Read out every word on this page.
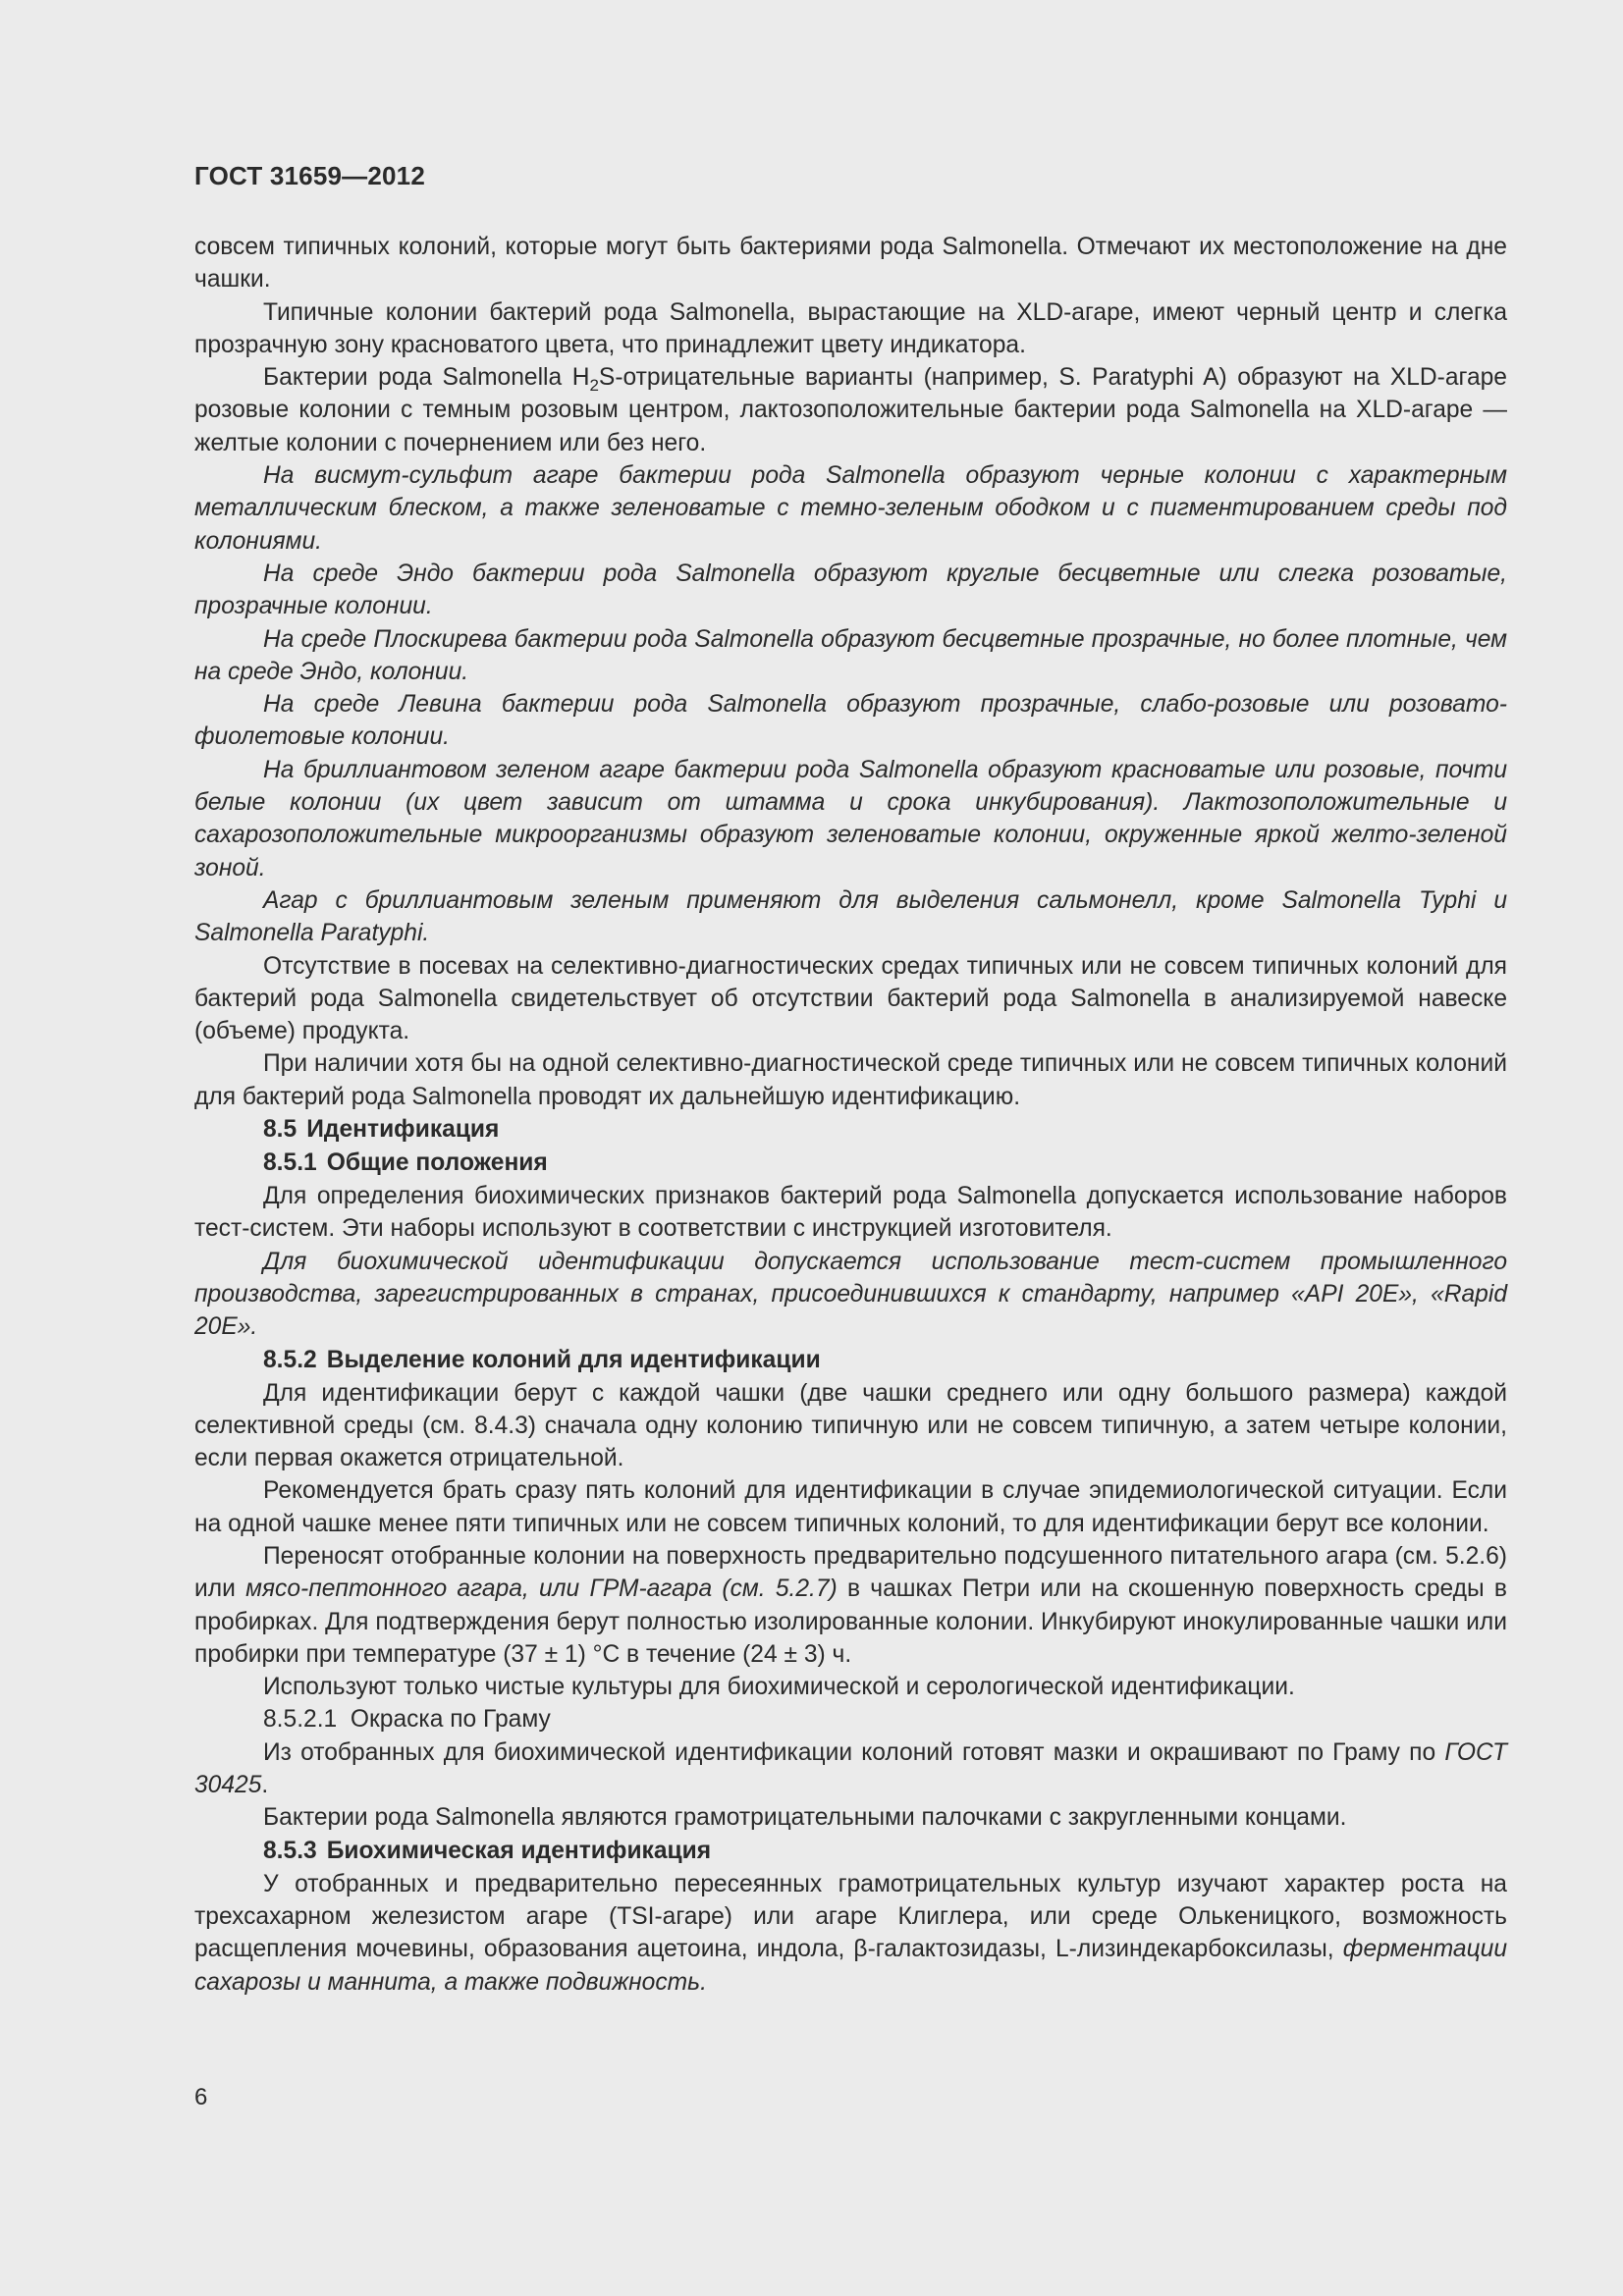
ГОСТ 31659—2012

совсем типичных колоний, которые могут быть бактериями рода Salmonella. Отмечают их местоположение на дне чашки.

Типичные колонии бактерий рода Salmonella, вырастающие на XLD-агаре, имеют черный центр и слегка прозрачную зону красноватого цвета, что принадлежит цвету индикатора.

Бактерии рода Salmonella $H_2S$-отрицательные варианты (например, S. Paratyphi A) образуют на XLD-агаре розовые колонии с темным розовым центром, лактозоположительные бактерии рода Salmonella на XLD-агаре — желтые колонии с почернением или без него.

На висмут-сульфит агаре бактерии рода Salmonella образуют черные колонии с характерным металлическим блеском, а также зеленоватые с темно-зеленым ободком и с пигментированием среды под колониями.

На среде Эндо бактерии рода Salmonella образуют круглые бесцветные или слегка розоватые, прозрачные колонии.

На среде Плоскирева бактерии рода Salmonella образуют бесцветные прозрачные, но более плотные, чем на среде Эндо, колонии.

На среде Левина бактерии рода Salmonella образуют прозрачные, слабо-розовые или розовато-фиолетовые колонии.

На бриллиантовом зеленом агаре бактерии рода Salmonella образуют красноватые или розовые, почти белые колонии (их цвет зависит от штамма и срока инкубирования). Лактозоположительные и сахарозоположительные микроорганизмы образуют зеленоватые колонии, окруженные яркой желто-зеленой зоной.

Агар с бриллиантовым зеленым применяют для выделения сальмонелл, кроме Salmonella Typhi и Salmonella Paratyphi.

Отсутствие в посевах на селективно-диагностических средах типичных или не совсем типичных колоний для бактерий рода Salmonella свидетельствует об отсутствии бактерий рода Salmonella в анализируемой навеске (объеме) продукта.

При наличии хотя бы на одной селективно-диагностической среде типичных или не совсем типичных колоний для бактерий рода Salmonella проводят их дальнейшую идентификацию.

8.5 Идентификация

8.5.1 Общие положения

Для определения биохимических признаков бактерий рода Salmonella допускается использование наборов тест-систем. Эти наборы используют в соответствии с инструкцией изготовителя.

Для биохимической идентификации допускается использование тест-систем промышленного производства, зарегистрированных в странах, присоединившихся к стандарту, например «API 20E», «Rapid 20E».

8.5.2 Выделение колоний для идентификации

Для идентификации берут с каждой чашки (две чашки среднего или одну большого размера) каждой селективной среды (см. 8.4.3) сначала одну колонию типичную или не совсем типичную, а затем четыре колонии, если первая окажется отрицательной.

Рекомендуется брать сразу пять колоний для идентификации в случае эпидемиологической ситуации. Если на одной чашке менее пяти типичных или не совсем типичных колоний, то для идентификации берут все колонии.

Переносят отобранные колонии на поверхность предварительно подсушенного питательного агара (см. 5.2.6) или мясо-пептонного агара, или ГРМ-агара (см. 5.2.7) в чашках Петри или на скошенную поверхность среды в пробирках. Для подтверждения берут полностью изолированные колонии. Инкубируют инокулированные чашки или пробирки при температуре (37 ± 1) °С в течение (24 ± 3) ч.

Используют только чистые культуры для биохимической и серологической идентификации.

8.5.2.1  Окраска по Граму

Из отобранных для биохимической идентификации колоний готовят мазки и окрашивают по Граму по ГОСТ 30425.

Бактерии рода Salmonella являются грамотрицательными палочками с закругленными концами.

8.5.3 Биохимическая идентификация

У отобранных и предварительно пересеянных грамотрицательных культур изучают характер роста на трехсахарном железистом агаре (TSI-агаре) или агаре Клиглера, или среде Олькеницкого, возможность расщепления мочевины, образования ацетоина, индола, β-галактозидазы, L-лизиндекарбоксилазы, ферментации сахарозы и маннита, а также подвижность.

6
